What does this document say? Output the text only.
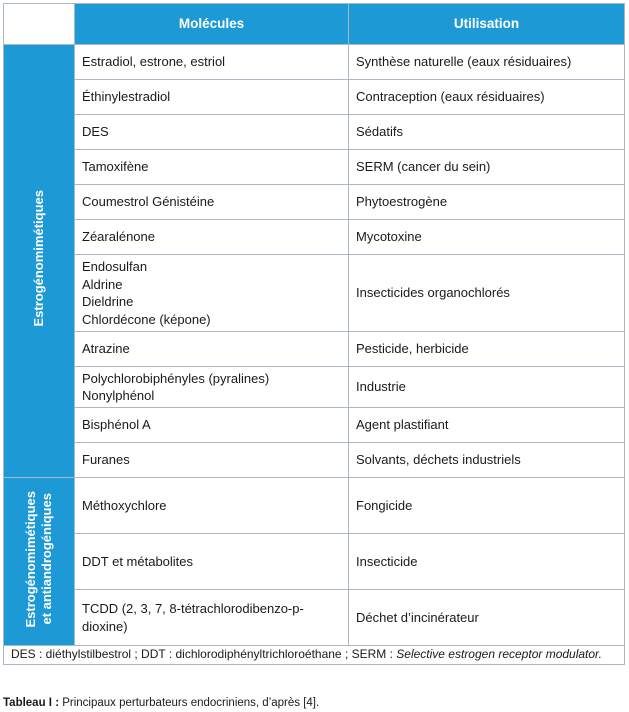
	Molécules	Utilisation
Estrogénomimétiques	Estradiol, estrone, estriol	Synthèse naturelle (eaux résiduaires)
	Éthinylestradiol	Contraception (eaux résiduaires)
	DES	Sédatifs
	Tamoxifène	SERM (cancer du sein)
	Coumestrol Génistéine	Phytoestrogène
	Zéaralénone	Mycotoxine
	Endosulfan
Aldrine
Dieldrine
Chlordécone (képone)	Insecticides organochlorés
	Atrazine	Pesticide, herbicide
	Polychlorobiphényles (pyralines)
Nonylphénol	Industrie
	Bisphénol A	Agent plastifiant
	Furanes	Solvants, déchets industriels
Estrogénomimétiques
et antiandrogéniques	Méthoxychlore	Fongicide
	DDT et métabolites	Insecticide
	TCDD (2, 3, 7, 8-tétrachlorodibenzo-p-
dioxine)	Déchet d’incinérateur
DES : diéthylstilbestrol ; DDT : dichlorodiphényltrichloroéthane ; SERM : Selective estrogen receptor modulator.		
Tableau I : Principaux perturbateurs endocriniens, d’après [4].
